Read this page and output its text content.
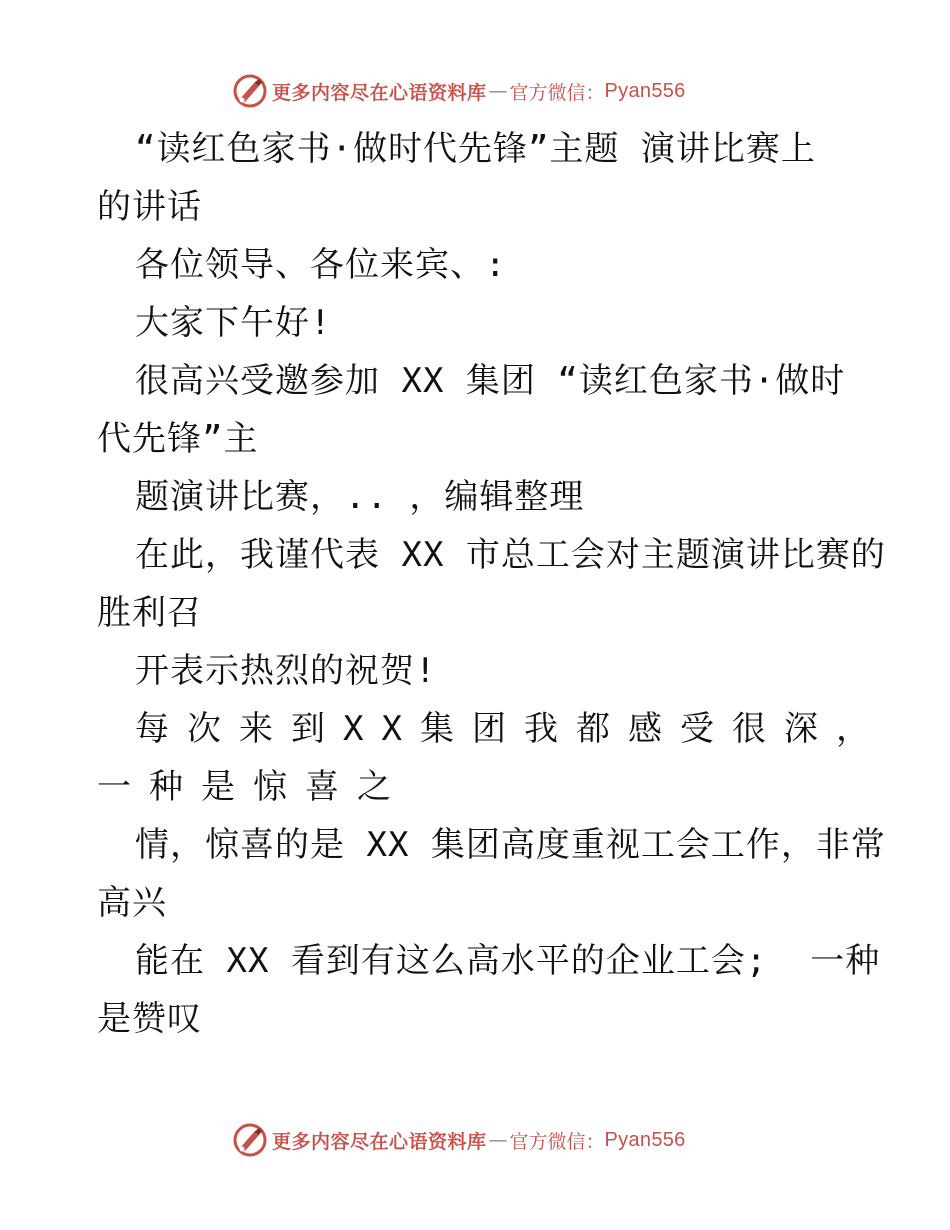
更多内容尽在心语资料库 — 官方微信： Pyan556

“读红色家书·做时代先锋”主题 演讲比赛上

的讲话

各位领导、各位来宾、:

大家下午好!

很高兴受邀参加 XX 集团 “读红色家书·做时

代先锋”主

题演讲比赛，.. ，编辑整理

在此，我谨代表 XX 市总工会对主题演讲比赛的

胜利召

开表示热烈的祝贺!

每次来到XX集团我都感受很深，

一种是惊喜之

情，惊喜的是 XX 集团高度重视工会工作，非常

高兴

能在 XX 看到有这么高水平的企业工会;  一种

是赞叹

更多内容尽在心语资料库 — 官方微信： Pyan556
